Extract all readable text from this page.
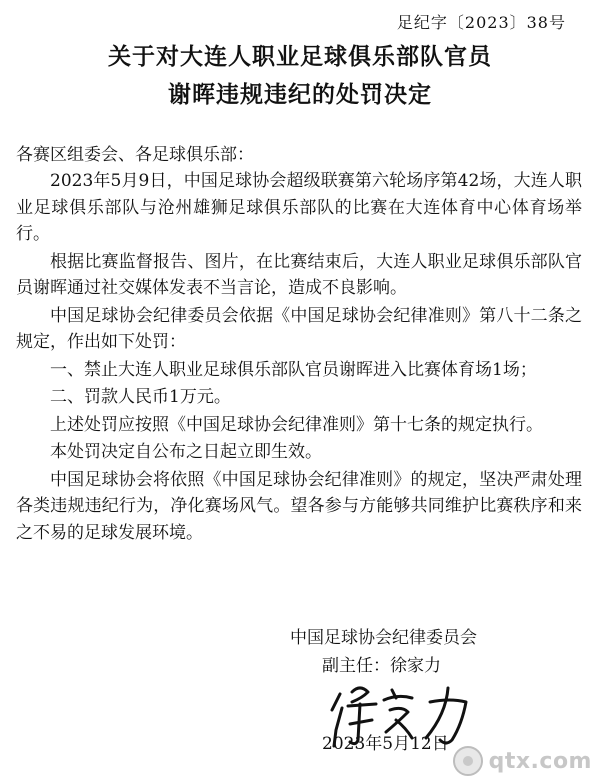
足纪字〔2023〕38号
关于对大连人职业足球俱乐部队官员
谢晖违规违纪的处罚决定
各赛区组委会、各足球俱乐部：

2023年5月9日，中国足球协会超级联赛第六轮场序第42场，大连人职业足球俱乐部队与沧州雄狮足球俱乐部队的比赛在大连体育中心体育场举行。

根据比赛监督报告、图片，在比赛结束后，大连人职业足球俱乐部队官员谢晖通过社交媒体发表不当言论，造成不良影响。

中国足球协会纪律委员会依据《中国足球协会纪律准则》第八十二条之规定，作出如下处罚：

一、禁止大连人职业足球俱乐部队官员谢晖进入比赛体育场1场；

二、罚款人民币1万元。

上述处罚应按照《中国足球协会纪律准则》第十七条的规定执行。

本处罚决定自公布之日起立即生效。

中国足球协会将依照《中国足球协会纪律准则》的规定，坚决严肃处理各类违规违纪行为，净化赛场风气。望各参与方能够共同维护比赛秩序和来之不易的足球发展环境。

中国足球协会纪律委员会
副主任：徐家力
2023年5月12日
qtx.com
